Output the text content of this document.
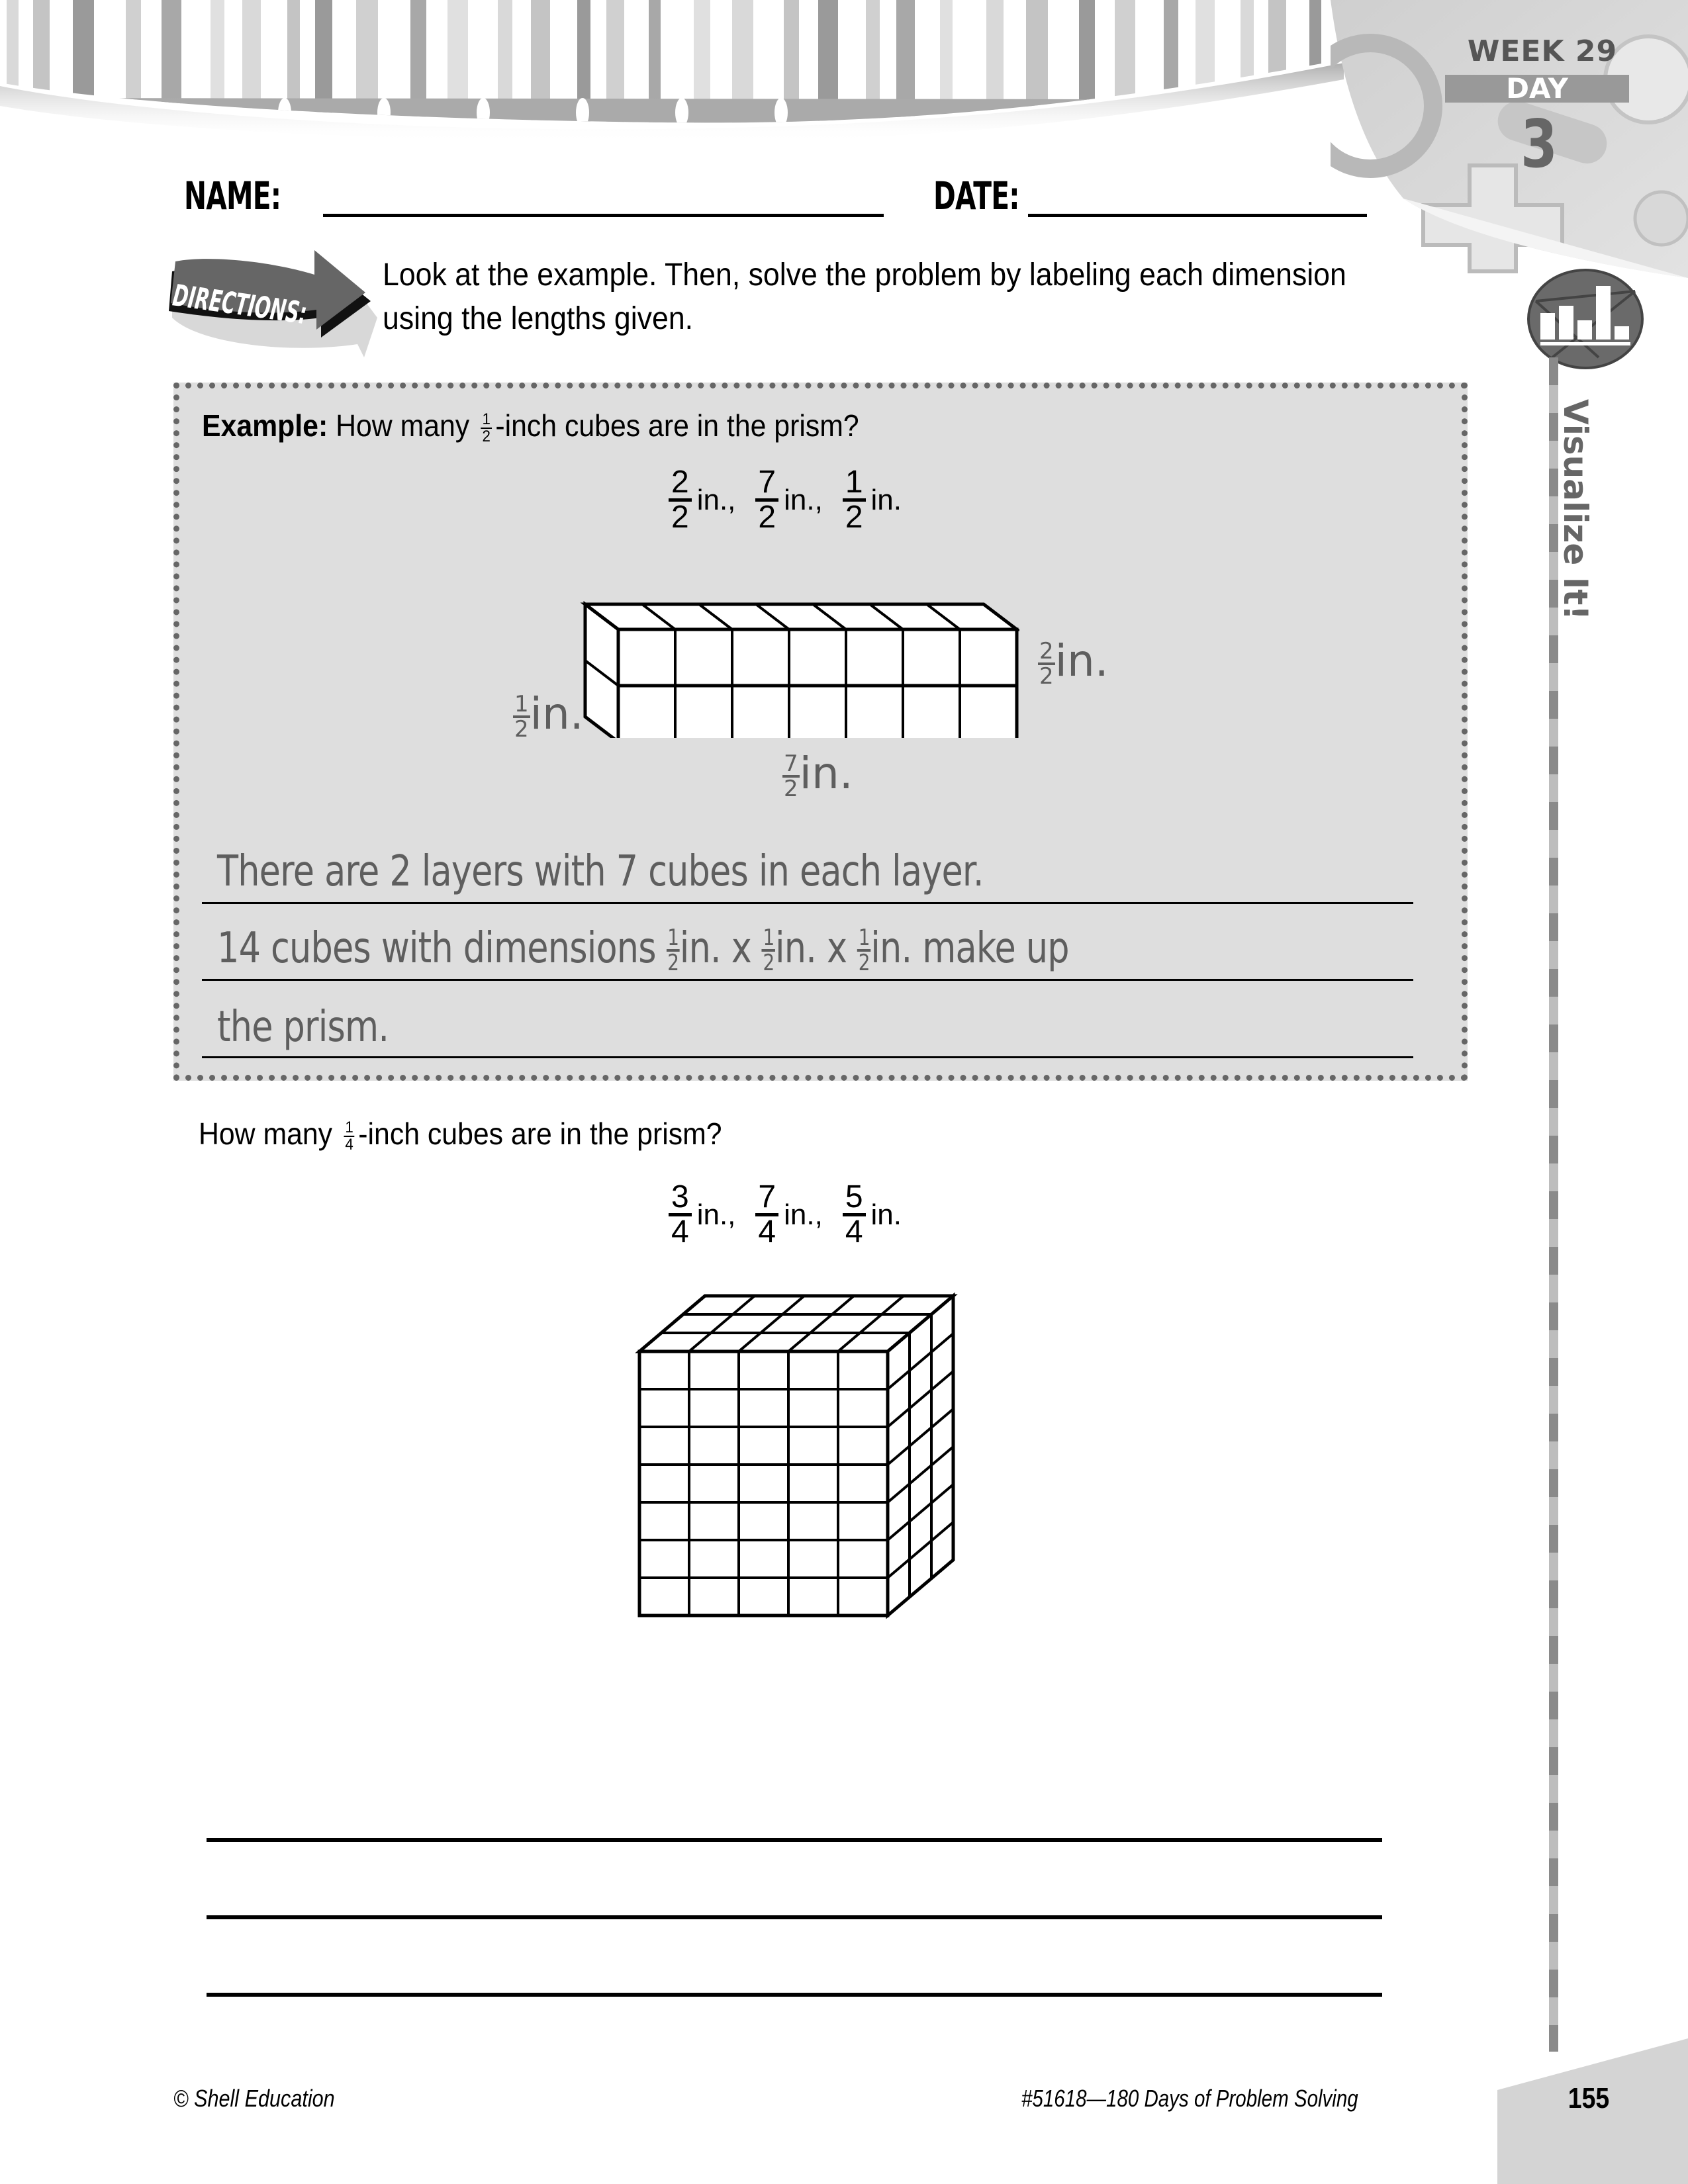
WEEK 29
DAY
3
NAME:	DATE:
DIRECTIONS:
Look at the example. Then, solve the problem by labeling each dimension using the lengths given.
Example: How many $\frac{1}{2}$ -inch cubes are in the prism?
$\frac{2}{2}$ in., $\frac{7}{2}$ in., $\frac{1}{2}$ in.
$\frac{2}{2}$ in.
$\frac{1}{2}$ in.
$\frac{7}{2}$ in.
There are 2 layers with 7 cubes in each layer.
14 cubes with dimensions $\frac{1}{2}$ in. x $\frac{1}{2}$ in. x $\frac{1}{2}$ in. make up
the prism.
How many $\frac{1}{4}$ -inch cubes are in the prism?
$\frac{3}{4}$ in., $\frac{7}{4}$ in., $\frac{5}{4}$ in.
Visualize It!
© Shell Education	#51618—180 Days of Problem Solving	155
